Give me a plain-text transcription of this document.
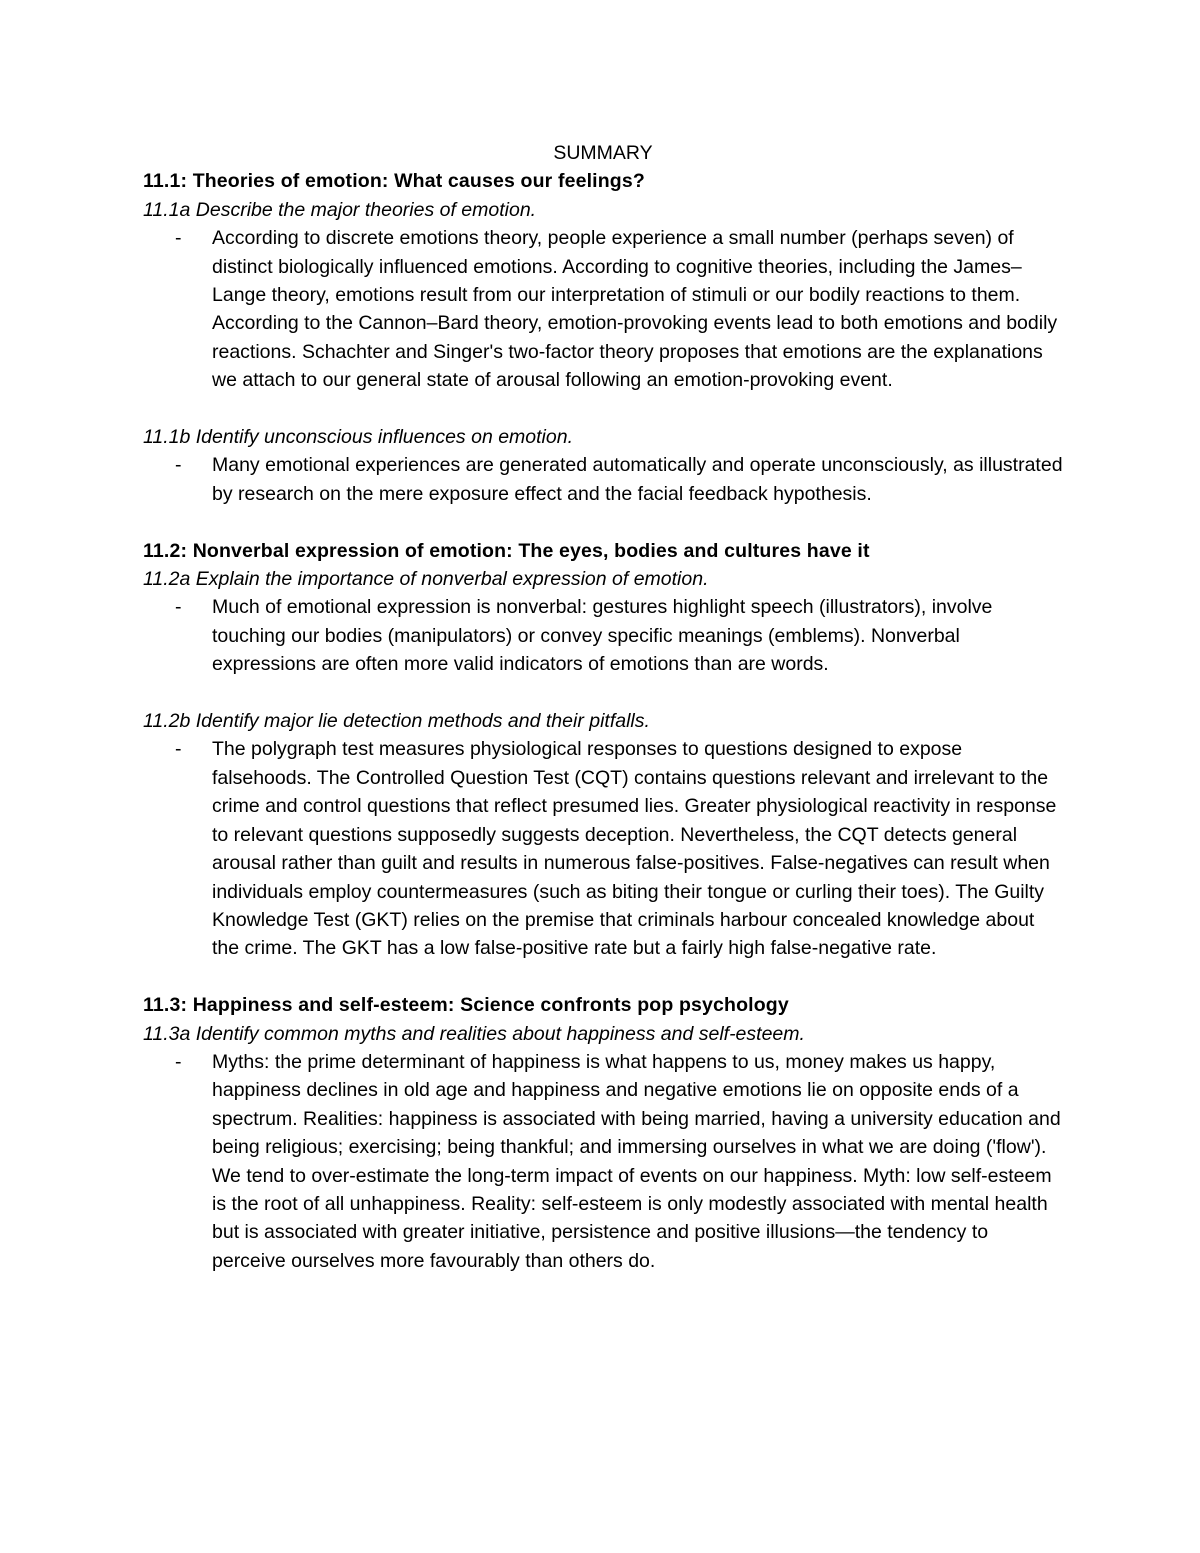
SUMMARY

11.1: Theories of emotion: What causes our feelings?

11.1a Describe the major theories of emotion.

- According to discrete emotions theory, people experience a small number (perhaps seven) of distinct biologically influenced emotions. According to cognitive theories, including the James–Lange theory, emotions result from our interpretation of stimuli or our bodily reactions to them. According to the Cannon–Bard theory, emotion-provoking events lead to both emotions and bodily reactions. Schachter and Singer's two-factor theory proposes that emotions are the explanations we attach to our general state of arousal following an emotion-provoking event.

11.1b Identify unconscious influences on emotion.

- Many emotional experiences are generated automatically and operate unconsciously, as illustrated by research on the mere exposure effect and the facial feedback hypothesis.

11.2: Nonverbal expression of emotion: The eyes, bodies and cultures have it

11.2a Explain the importance of nonverbal expression of emotion.

- Much of emotional expression is nonverbal: gestures highlight speech (illustrators), involve touching our bodies (manipulators) or convey specific meanings (emblems). Nonverbal expressions are often more valid indicators of emotions than are words.

11.2b Identify major lie detection methods and their pitfalls.

- The polygraph test measures physiological responses to questions designed to expose falsehoods. The Controlled Question Test (CQT) contains questions relevant and irrelevant to the crime and control questions that reflect presumed lies. Greater physiological reactivity in response to relevant questions supposedly suggests deception. Nevertheless, the CQT detects general arousal rather than guilt and results in numerous false-positives. False-negatives can result when individuals employ countermeasures (such as biting their tongue or curling their toes). The Guilty Knowledge Test (GKT) relies on the premise that criminals harbour concealed knowledge about the crime. The GKT has a low false-positive rate but a fairly high false-negative rate.

11.3: Happiness and self-esteem: Science confronts pop psychology

11.3a Identify common myths and realities about happiness and self-esteem.

- Myths: the prime determinant of happiness is what happens to us, money makes us happy, happiness declines in old age and happiness and negative emotions lie on opposite ends of a spectrum. Realities: happiness is associated with being married, having a university education and being religious; exercising; being thankful; and immersing ourselves in what we are doing ('flow'). We tend to over-estimate the long-term impact of events on our happiness. Myth: low self-esteem is the root of all unhappiness. Reality: self-esteem is only modestly associated with mental health but is associated with greater initiative, persistence and positive illusions—the tendency to perceive ourselves more favourably than others do.
